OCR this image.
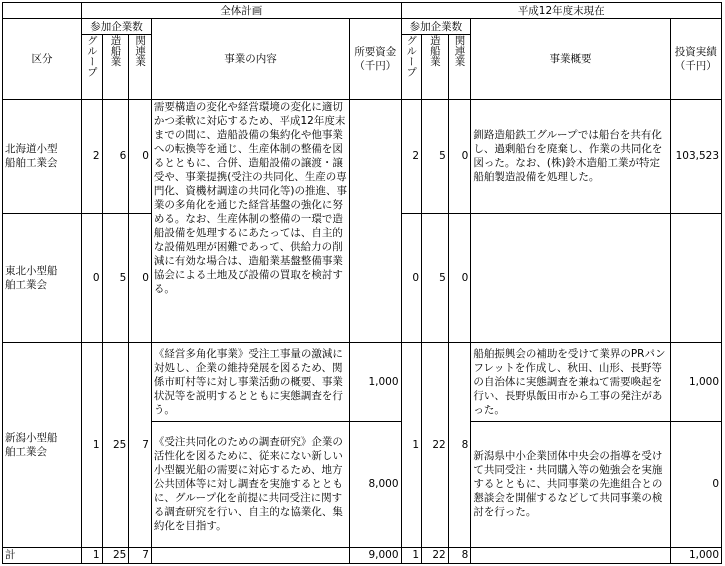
	全体計画					平成12年度末現在				
区分	参加企業数			事業の内容	所要資金
（千円）	参加企業数			事業概要	投資実績
（千円）

	グループ	造船業	関連業			グループ	造船業	関連業		

北海道小型
船舶工業会	2	6	0	需要構造の変化や経営環境の変化に適切かつ柔軟に対応するため、平成12年度末までの間に、造船設備の集約化や他事業への転換等を通じ、生産体制の整備を図るとともに、合併、造船設備の譲渡・譲受や、事業提携(受注の共同化、生産の専門化、資機材調達の共同化等)の推進、事業の多角化を通じた経営基盤の強化に努める。なお、生産体制の整備の一環で造船設備を処理するにあたっては、自主的な設備処理が困難であって、供給力の削減に有効な場合は、造船業基盤整備事業協会による土地及び設備の買取を検討する。		2	5	0	釧路造船鉄工グループでは船台を共有化し、過剰船台を廃棄し、作業の共同化を図った。なお、(株)鈴木造船工業が特定船舶製造設備を処理した。	103,523
東北小型船
舶工業会	0	5	0			0	5	0		
新潟小型船
舶工業会	1	25	7	《経営多角化事業》受注工事量の激減に対処し、企業の維持発展を図るため、関係市町村等に対し事業活動の概要、事業状況等を説明するとともに実態調査を行う。	1,000	1	22	8	船舶振興会の補助を受けて業界のPRパンフレットを作成し、秋田、山形、長野等の自治体に実態調査を兼ねて需要喚起を行い、長野県飯田市から工事の発注があった。	1,000
				《受注共同化のための調査研究》企業の活性化を図るために、従来にない新しい小型観光船の需要に対応するため、地方公共団体等に対し調査を実施するとともに、グループ化を前提に共同受注に関する調査研究を行い、自主的な協業化、集約化を目指す。	8,000				新潟県中小企業団体中央会の指導を受けて共同受注・共同購入等の勉強会を実施するとともに、共同事業の先進組合との懇談会を開催するなどして共同事業の検討を行った。	0
計	1	25	7		9,000	1	22	8		1,000
